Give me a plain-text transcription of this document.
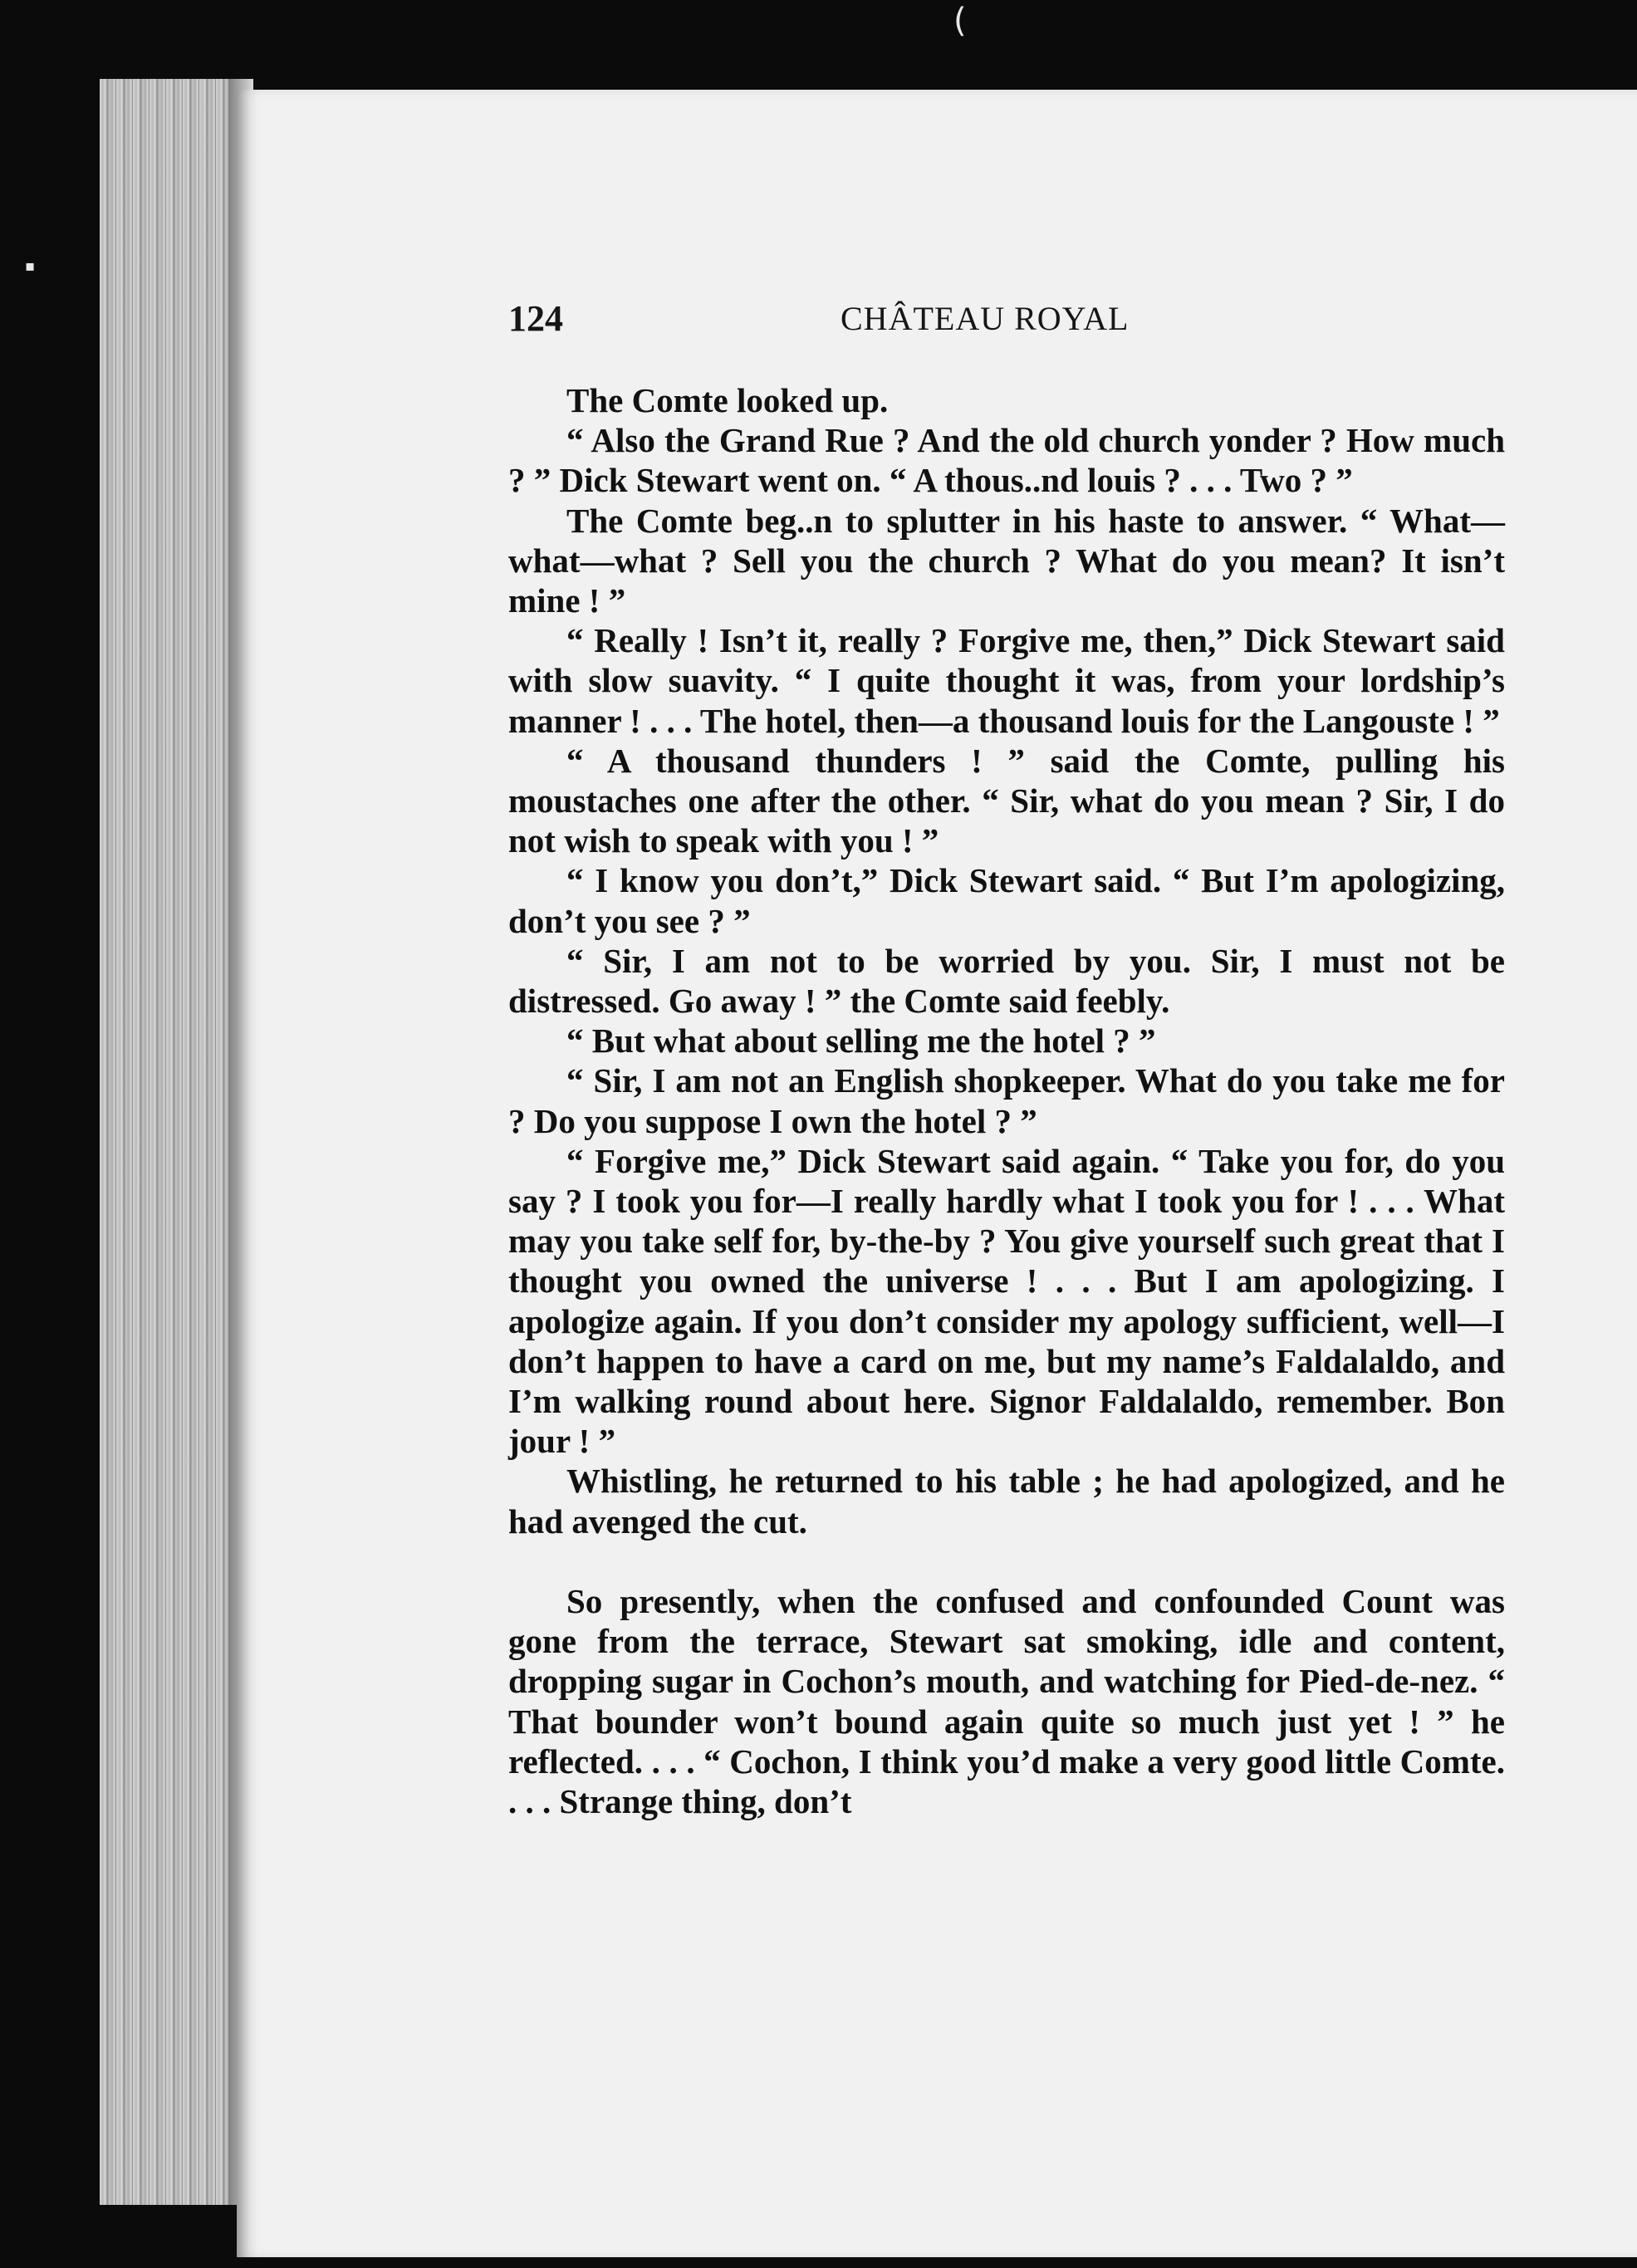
(
▪
124	CHÂTEAU ROYAL

The Comte looked up.

“ Also the Grand Rue ? And the old church yonder ? How much ? ” Dick Stewart went on. “ A thous..nd louis ? . . . Two ? ”

The Comte beg..n to splutter in his haste to answer. “ What—what—what ? Sell you the church ? What do you mean? It isn’t mine ! ”

“ Really ! Isn’t it, really ? Forgive me, then,” Dick Stewart said with slow suavity. “ I quite thought it was, from your lordship’s manner ! . . . The hotel, then—a thousand louis for the Langouste ! ”

“ A thousand thunders ! ” said the Comte, pulling his moustaches one after the other. “ Sir, what do you mean ? Sir, I do not wish to speak with you ! ”

“ I know you don’t,” Dick Stewart said. “ But I’m apologizing, don’t you see ? ”

“ Sir, I am not to be worried by you. Sir, I must not be distressed. Go away ! ” the Comte said feebly.

“ But what about selling me the hotel ? ”

“ Sir, I am not an English shopkeeper. What do you take me for ? Do you suppose I own the hotel ? ”

“ Forgive me,” Dick Stewart said again. “ Take you for, do you say ? I took you for—I really hardly what I took you for ! . . . What may you take self for, by-the-by ? You give yourself such great that I thought you owned the universe ! . . . But I am apologizing. I apologize again. If you don’t consider my apology sufficient, well—I don’t happen to have a card on me, but my name’s Faldalaldo, and I’m walking round about here. Signor Faldalaldo, remember. Bon jour ! ”

Whistling, he returned to his table ; he had apologized, and he had avenged the cut.

So presently, when the confused and confounded Count was gone from the terrace, Stewart sat smoking, idle and content, dropping sugar in Cochon’s mouth, and watching for Pied-de-nez. “ That bounder won’t bound again quite so much just yet ! ” he reflected. . . . “ Cochon, I think you’d make a very good little Comte. . . . Strange thing, don’t
